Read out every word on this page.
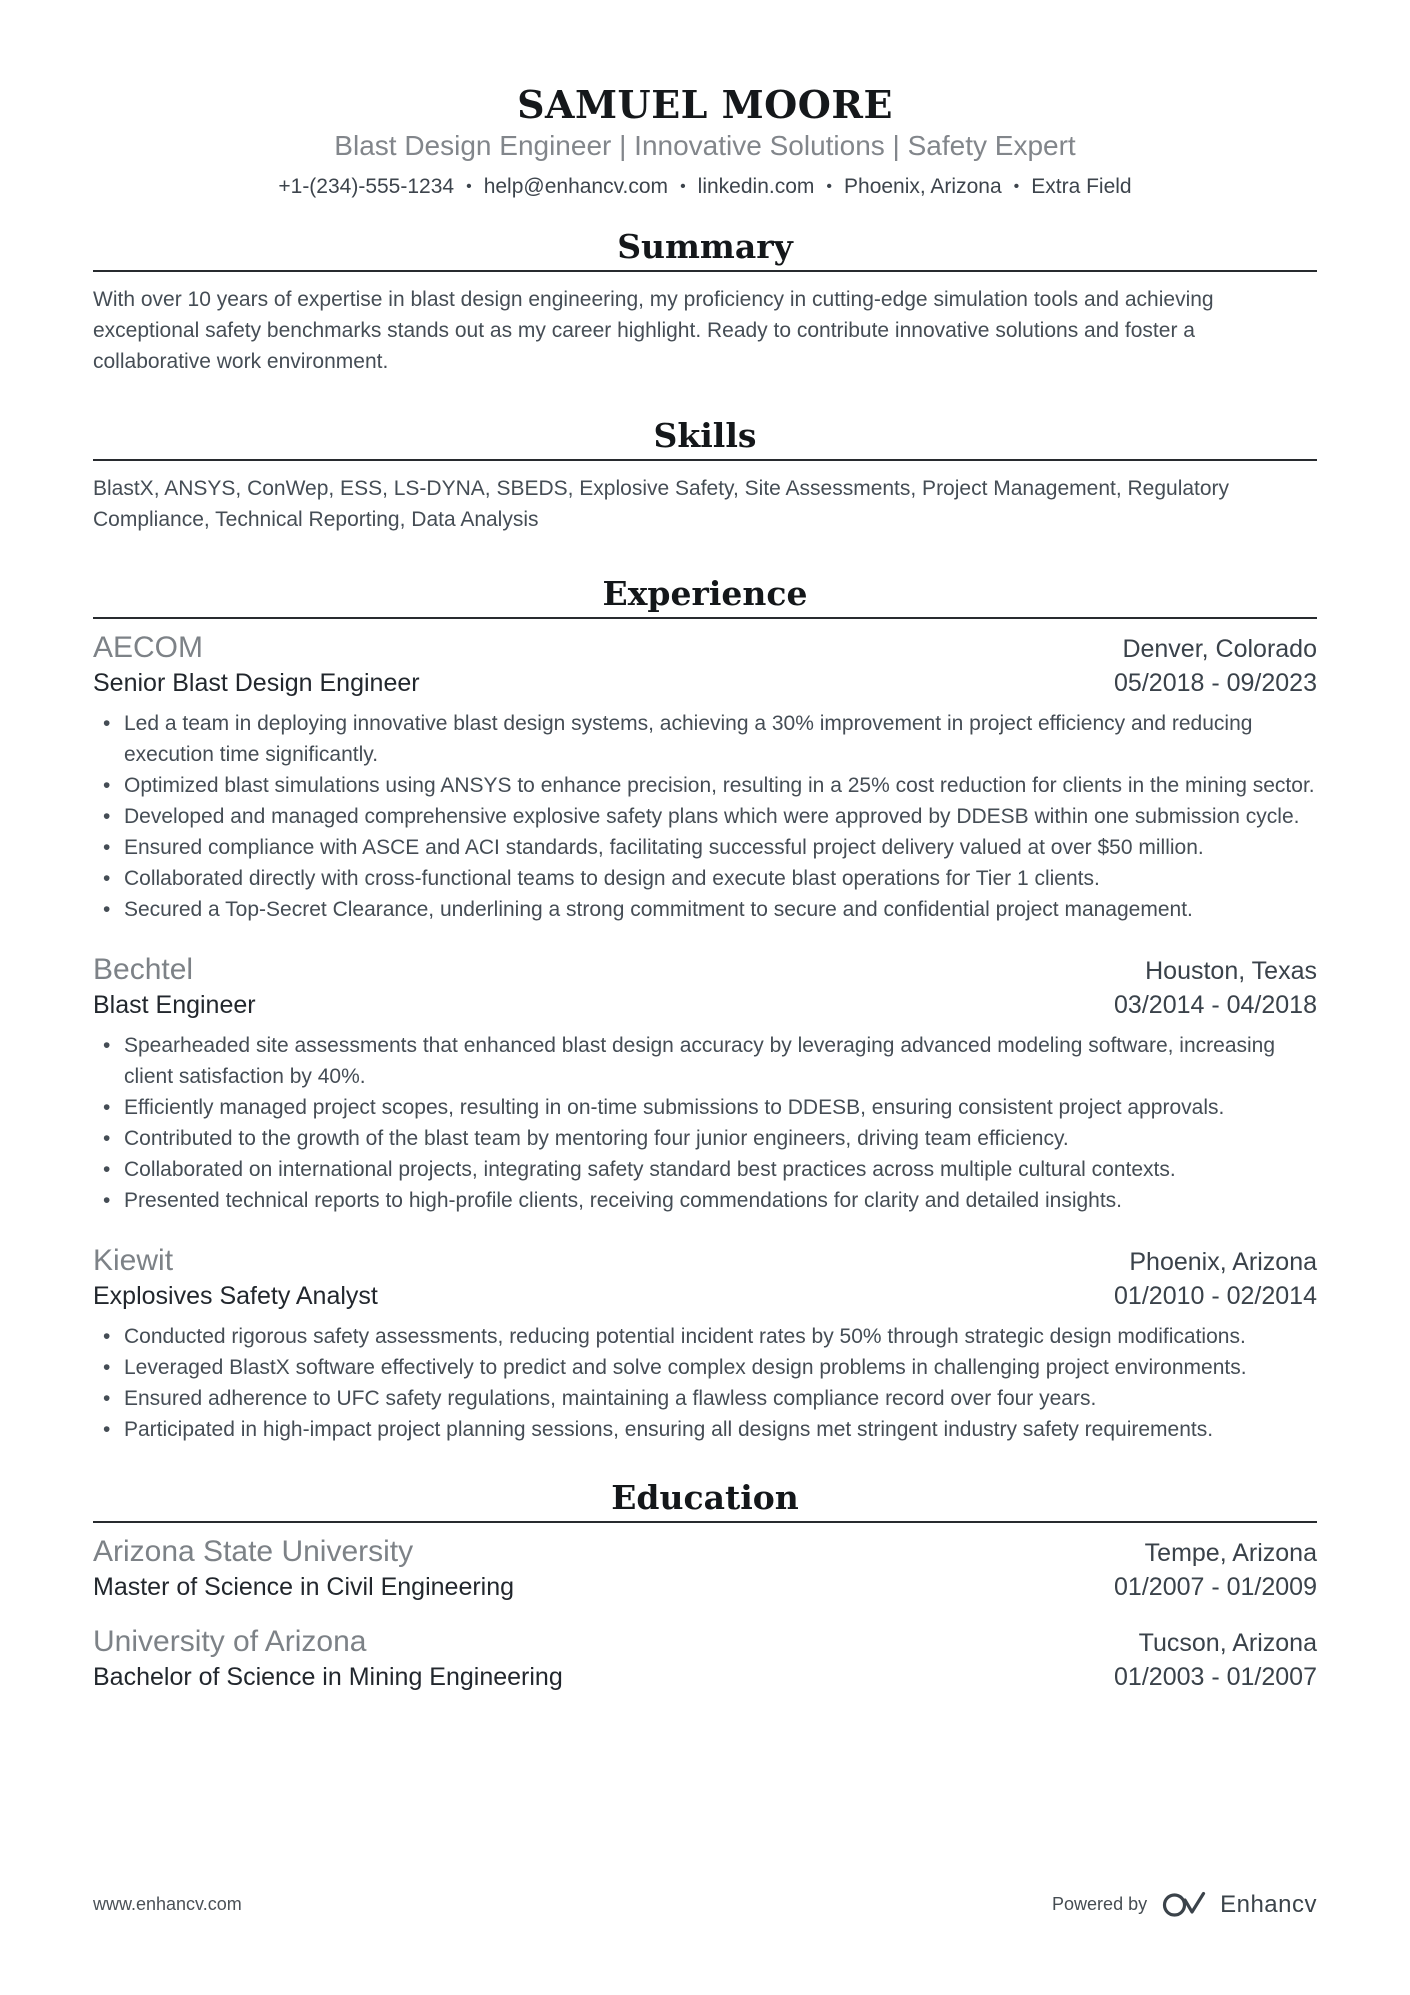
SAMUEL MOORE
Blast Design Engineer | Innovative Solutions | Safety Expert
+1-(234)-555-1234 • help@enhancv.com • linkedin.com • Phoenix, Arizona • Extra Field
Summary

With over 10 years of expertise in blast design engineering, my proficiency in cutting-edge simulation tools and achieving exceptional safety benchmarks stands out as my career highlight. Ready to contribute innovative solutions and foster a collaborative work environment.

Skills

BlastX, ANSYS, ConWep, ESS, LS-DYNA, SBEDS, Explosive Safety, Site Assessments, Project Management, Regulatory Compliance, Technical Reporting, Data Analysis

Experience
AECOM	Denver, Colorado
Senior Blast Design Engineer	05/2018 - 09/2023
• Led a team in deploying innovative blast design systems, achieving a 30% improvement in project efficiency and reducing execution time significantly.
• Optimized blast simulations using ANSYS to enhance precision, resulting in a 25% cost reduction for clients in the mining sector.
• Developed and managed comprehensive explosive safety plans which were approved by DDESB within one submission cycle.
• Ensured compliance with ASCE and ACI standards, facilitating successful project delivery valued at over $50 million.
• Collaborated directly with cross-functional teams to design and execute blast operations for Tier 1 clients.
• Secured a Top-Secret Clearance, underlining a strong commitment to secure and confidential project management.
Bechtel	Houston, Texas
Blast Engineer	03/2014 - 04/2018
• Spearheaded site assessments that enhanced blast design accuracy by leveraging advanced modeling software, increasing client satisfaction by 40%.
• Efficiently managed project scopes, resulting in on-time submissions to DDESB, ensuring consistent project approvals.
• Contributed to the growth of the blast team by mentoring four junior engineers, driving team efficiency.
• Collaborated on international projects, integrating safety standard best practices across multiple cultural contexts.
• Presented technical reports to high-profile clients, receiving commendations for clarity and detailed insights.
Kiewit	Phoenix, Arizona
Explosives Safety Analyst	01/2010 - 02/2014
• Conducted rigorous safety assessments, reducing potential incident rates by 50% through strategic design modifications.
• Leveraged BlastX software effectively to predict and solve complex design problems in challenging project environments.
• Ensured adherence to UFC safety regulations, maintaining a flawless compliance record over four years.
• Participated in high-impact project planning sessions, ensuring all designs met stringent industry safety requirements.
Education
Arizona State University	Tempe, Arizona
Master of Science in Civil Engineering	01/2007 - 01/2009
University of Arizona	Tucson, Arizona
Bachelor of Science in Mining Engineering	01/2003 - 01/2007
www.enhancv.com	Powered by	Enhancv
